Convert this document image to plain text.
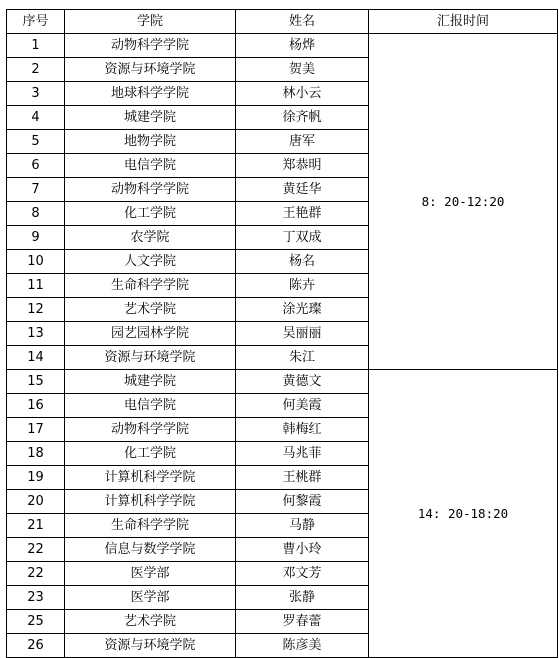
序号	学院	姓名	汇报时间
1	动物科学学院	杨烨	8: 20-12:20
2	资源与环境学院	贺美	
3	地球科学学院	林小云	
4	城建学院	徐齐帆	
5	地物学院	唐军	
6	电信学院	郑恭明	
7	动物科学学院	黄廷华	
8	化工学院	王艳群	
9	农学院	丁双成	
10	人文学院	杨名	
11	生命科学学院	陈卉	
12	艺术学院	涂光璨	
13	园艺园林学院	吴丽丽	
14	资源与环境学院	朱江	
15	城建学院	黄德文	14: 20-18:20
16	电信学院	何美霞	
17	动物科学学院	韩梅红	
18	化工学院	马兆菲	
19	计算机科学学院	王桃群	
20	计算机科学学院	何黎霞	
21	生命科学学院	马静	
22	信息与数学学院	曹小玲	
22	医学部	邓文芳	
23	医学部	张静	
25	艺术学院	罗春蕾	
26	资源与环境学院	陈彦美	
